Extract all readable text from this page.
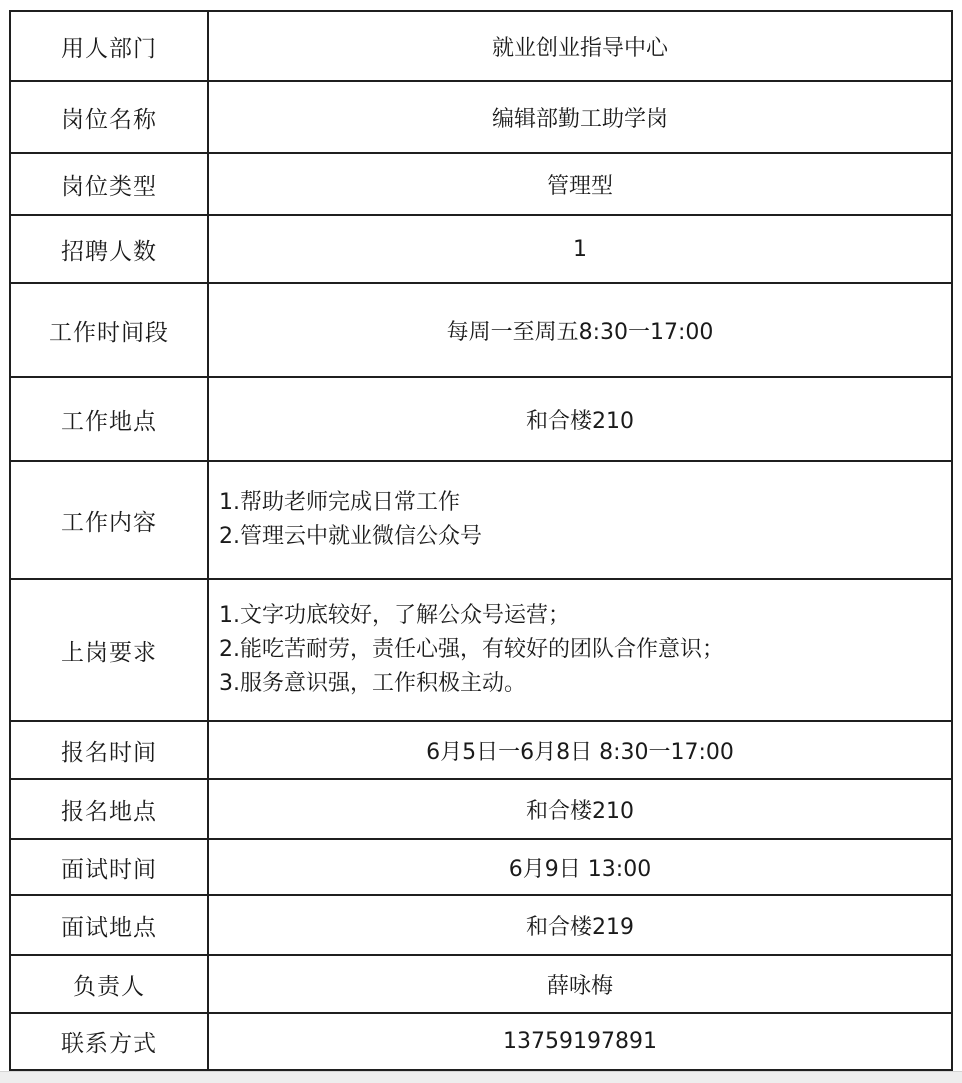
用人部门	就业创业指导中心
岗位名称	编辑部勤工助学岗
岗位类型	管理型
招聘人数	1
工作时间段	每周一至周五8:30一17:00
工作地点	和合楼210
工作内容	1.帮助老师完成日常工作
2.管理云中就业微信公众号

上岗要求	1.文字功底较好，了解公众号运营；
2.能吃苦耐劳，责任心强，有较好的团队合作意识；
3.服务意识强，工作积极主动。

报名时间	6月5日一6月8日 8:30一17:00
报名地点	和合楼210
面试时间	6月9日 13:00
面试地点	和合楼219
负责人	薛咏梅
联系方式	13759197891
